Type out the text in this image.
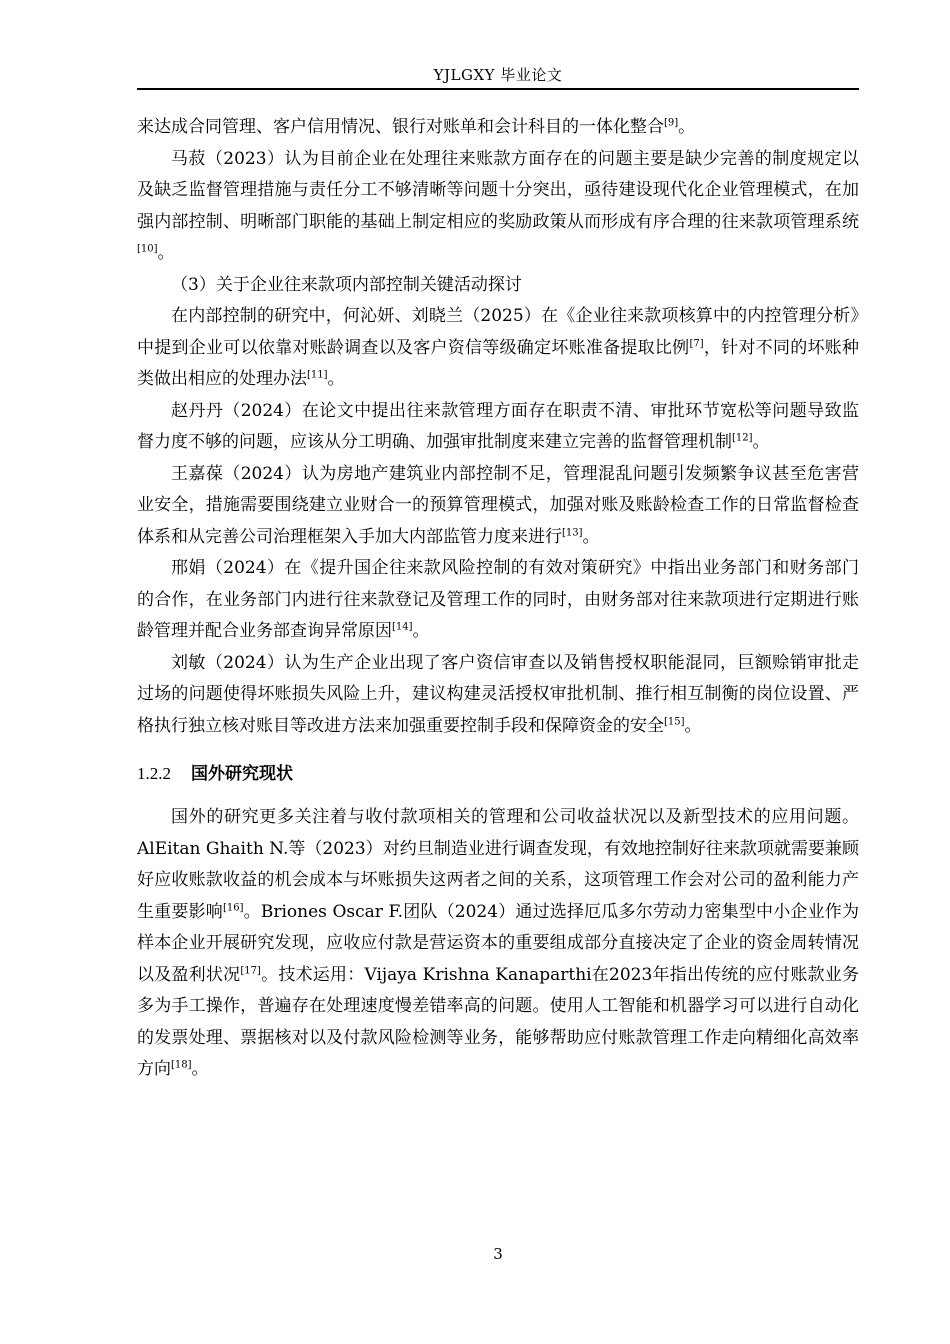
YJLGXY 毕业论文

来达成合同管理、客户信用情况、银行对账单和会计科目的一体化整合[9]。

马菽（2023）认为目前企业在处理往来账款方面存在的问题主要是缺少完善的制度规定以及缺乏监督管理措施与责任分工不够清晰等问题十分突出，亟待建设现代化企业管理模式，在加强内部控制、明晰部门职能的基础上制定相应的奖励政策从而形成有序合理的往来款项管理系统[10]。

（3）关于企业往来款项内部控制关键活动探讨

在内部控制的研究中，何沁妍、刘晓兰（2025）在《企业往来款项核算中的内控管理分析》中提到企业可以依靠对账龄调查以及客户资信等级确定坏账准备提取比例[7]，针对不同的坏账种类做出相应的处理办法[11]。

赵丹丹（2024）在论文中提出往来款管理方面存在职责不清、审批环节宽松等问题导致监督力度不够的问题，应该从分工明确、加强审批制度来建立完善的监督管理机制[12]。

王嘉葆（2024）认为房地产建筑业内部控制不足，管理混乱问题引发频繁争议甚至危害营业安全，措施需要围绕建立业财合一的预算管理模式，加强对账及账龄检查工作的日常监督检查体系和从完善公司治理框架入手加大内部监管力度来进行[13]。

邢娟（2024）在《提升国企往来款风险控制的有效对策研究》中指出业务部门和财务部门的合作，在业务部门内进行往来款登记及管理工作的同时，由财务部对往来款项进行定期进行账龄管理并配合业务部查询异常原因[14]。

刘敏（2024）认为生产企业出现了客户资信审查以及销售授权职能混同，巨额赊销审批走过场的问题使得坏账损失风险上升，建议构建灵活授权审批机制、推行相互制衡的岗位设置、严格执行独立核对账目等改进方法来加强重要控制手段和保障资金的安全[15]。

1.2.2 国外研究现状

国外的研究更多关注着与收付款项相关的管理和公司收益状况以及新型技术的应用问题。AlEitan Ghaith N.等（2023）对约旦制造业进行调查发现，有效地控制好往来款项就需要兼顾好应收账款收益的机会成本与坏账损失这两者之间的关系，这项管理工作会对公司的盈利能力产生重要影响[16]。Briones Oscar F.团队（2024）通过选择厄瓜多尔劳动力密集型中小企业作为样本企业开展研究发现，应收应付款是营运资本的重要组成部分直接决定了企业的资金周转情况以及盈利状况[17]。技术运用：Vijaya Krishna Kanaparthi在2023年指出传统的应付账款业务多为手工操作，普遍存在处理速度慢差错率高的问题。使用人工智能和机器学习可以进行自动化的发票处理、票据核对以及付款风险检测等业务，能够帮助应付账款管理工作走向精细化高效率方向[18]。

3
